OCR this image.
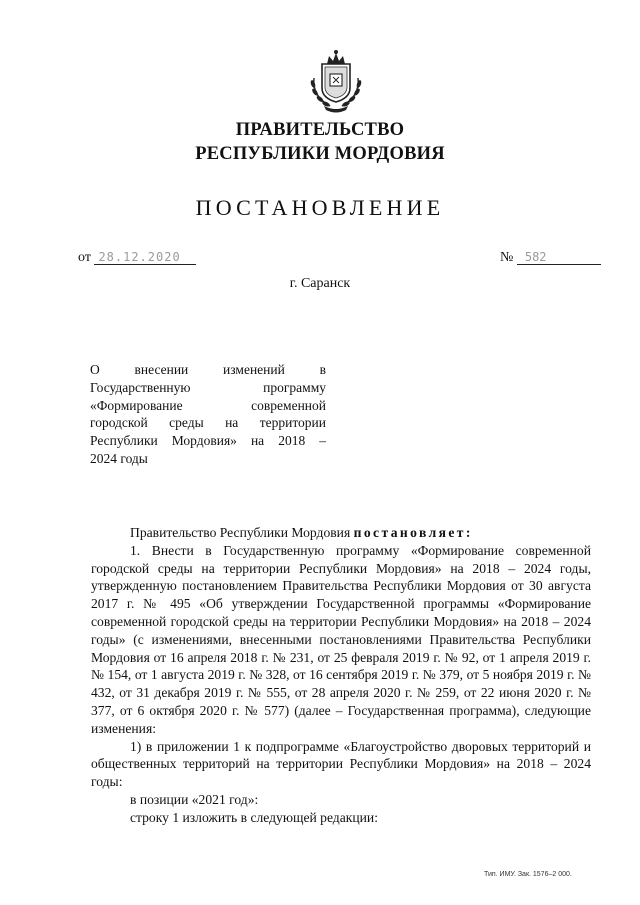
ПРАВИТЕЛЬСТВО
РЕСПУБЛИКИ МОРДОВИЯ
ПОСТАНОВЛЕНИЕ
от 28.12.2020	№ 582
г. Саранск
О внесении изменений в
Государственную программу
«Формирование современной
городской среды на территории
Республики Мордовия» на 2018 –
2024 годы

Правительство Республики Мордовия постановляет:

1. Внести в Государственную программу «Формирование современной городской среды на территории Республики Мордовия» на 2018 – 2024 годы, утвержденную постановлением Правительства Республики Мордовия от 30 августа 2017 г. № 495 «Об утверждении Государственной программы «Формирование современной городской среды на территории Республики Мордовия» на 2018 – 2024 годы» (с изменениями, внесенными постановлениями Правительства Республики Мордовия от 16 апреля 2018 г. № 231, от 25 февраля 2019 г. № 92, от 1 апреля 2019 г. № 154, от 1 августа 2019 г. № 328, от 16 сентября 2019 г. № 379, от 5 ноября 2019 г. № 432, от 31 декабря 2019 г. № 555, от 28 апреля 2020 г. № 259, от 22 июня 2020 г. № 377, от 6 октября 2020 г. № 577) (далее – Государственная программа), следующие изменения:

1) в приложении 1 к подпрограмме «Благоустройство дворовых территорий и общественных территорий на территории Республики Мордовия» на 2018 – 2024 годы:

в позиции «2021 год»:

строку 1 изложить в следующей редакции:

Тип. ИМУ. Зак. 1576–2 000.
